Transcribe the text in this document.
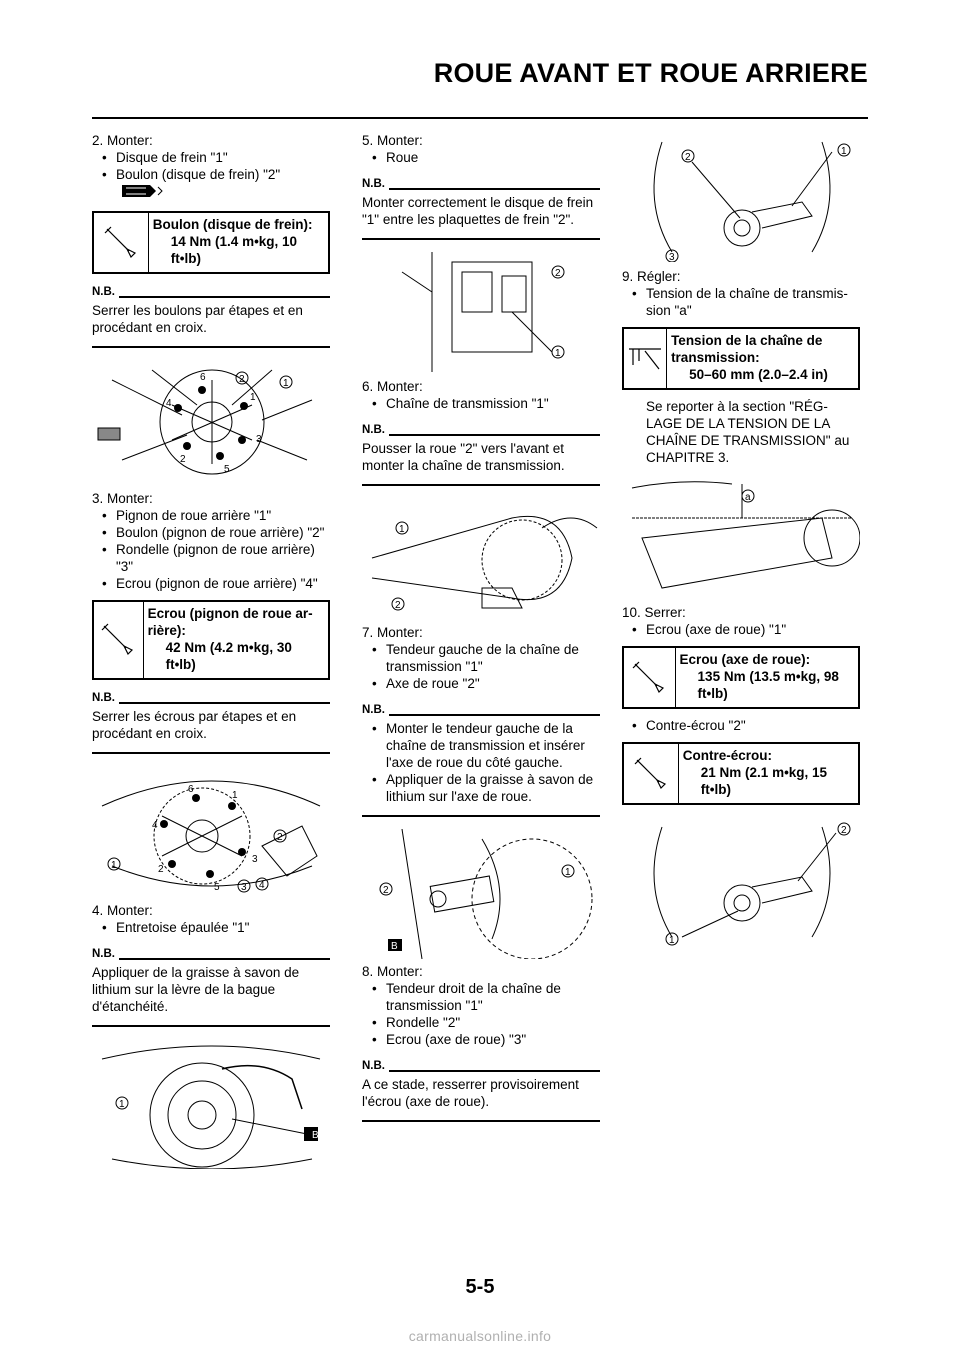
ROUE AVANT ET ROUE ARRIERE

2. Monter:

• Disque de frein "1"
• Boulon (disque de frein) "2"
Boulon (disque de frein):
14 Nm (1.4 m•kg, 10 ft•lb)
N.B.
Serrer les boulons par étapes et en procédant en croix.
6
1
4
3
2
5
2	1

3. Monter:

• Pignon de roue arrière "1"
• Boulon (pignon de roue arrière) "2"
• Rondelle (pignon de roue arrière) "3"
• Ecrou (pignon de roue arrière) "4"
Ecrou (pignon de roue ar-rière):
42 Nm (4.2 m•kg, 30 ft•lb)
N.B.
Serrer les écrous par étapes et en procédant en croix.
6
1
4
3
2
5
1
2
3 4

4. Monter:

• Entretoise épaulée "1"
N.B.
Appliquer de la graisse à savon de lithium sur la lèvre de la bague d'étanchéité.
B
1

5. Monter:

• Roue
N.B.
Monter correctement le disque de frein "1" entre les plaquettes de frein "2".
2
1

6. Monter:

• Chaîne de transmission "1"
N.B.
Pousser la roue "2" vers l'avant et monter la chaîne de transmission.
1
2

7. Monter:

• Tendeur gauche de la chaîne de transmission "1"
• Axe de roue "2"
N.B.
• Monter le tendeur gauche de la chaîne de transmission et insérer l'axe de roue du côté gauche.
• Appliquer de la graisse à savon de lithium sur l'axe de roue.
2
1
B

8. Monter:

• Tendeur droit de la chaîne de transmission "1"
• Rondelle "2"
• Ecrou (axe de roue) "3"
N.B.
A ce stade, resserrer provisoirement l'écrou (axe de roue).
2
1
3

9. Régler:

• Tension de la chaîne de transmis-sion "a"
Tension de la chaîne de transmission:
50–60 mm (2.0–2.4 in)

Se reporter à la section "RÉG-LAGE DE LA TENSION DE LA CHAÎNE DE TRANSMISSION" au CHAPITRE 3.

a

10. Serrer:

• Ecrou (axe de roue) "1"
Ecrou (axe de roue):
135 Nm (13.5 m•kg, 98 ft•lb)
• Contre-écrou "2"
Contre-écrou:
21 Nm (2.1 m•kg, 15 ft•lb)
2
1
5-5
carmanualsonline.info
